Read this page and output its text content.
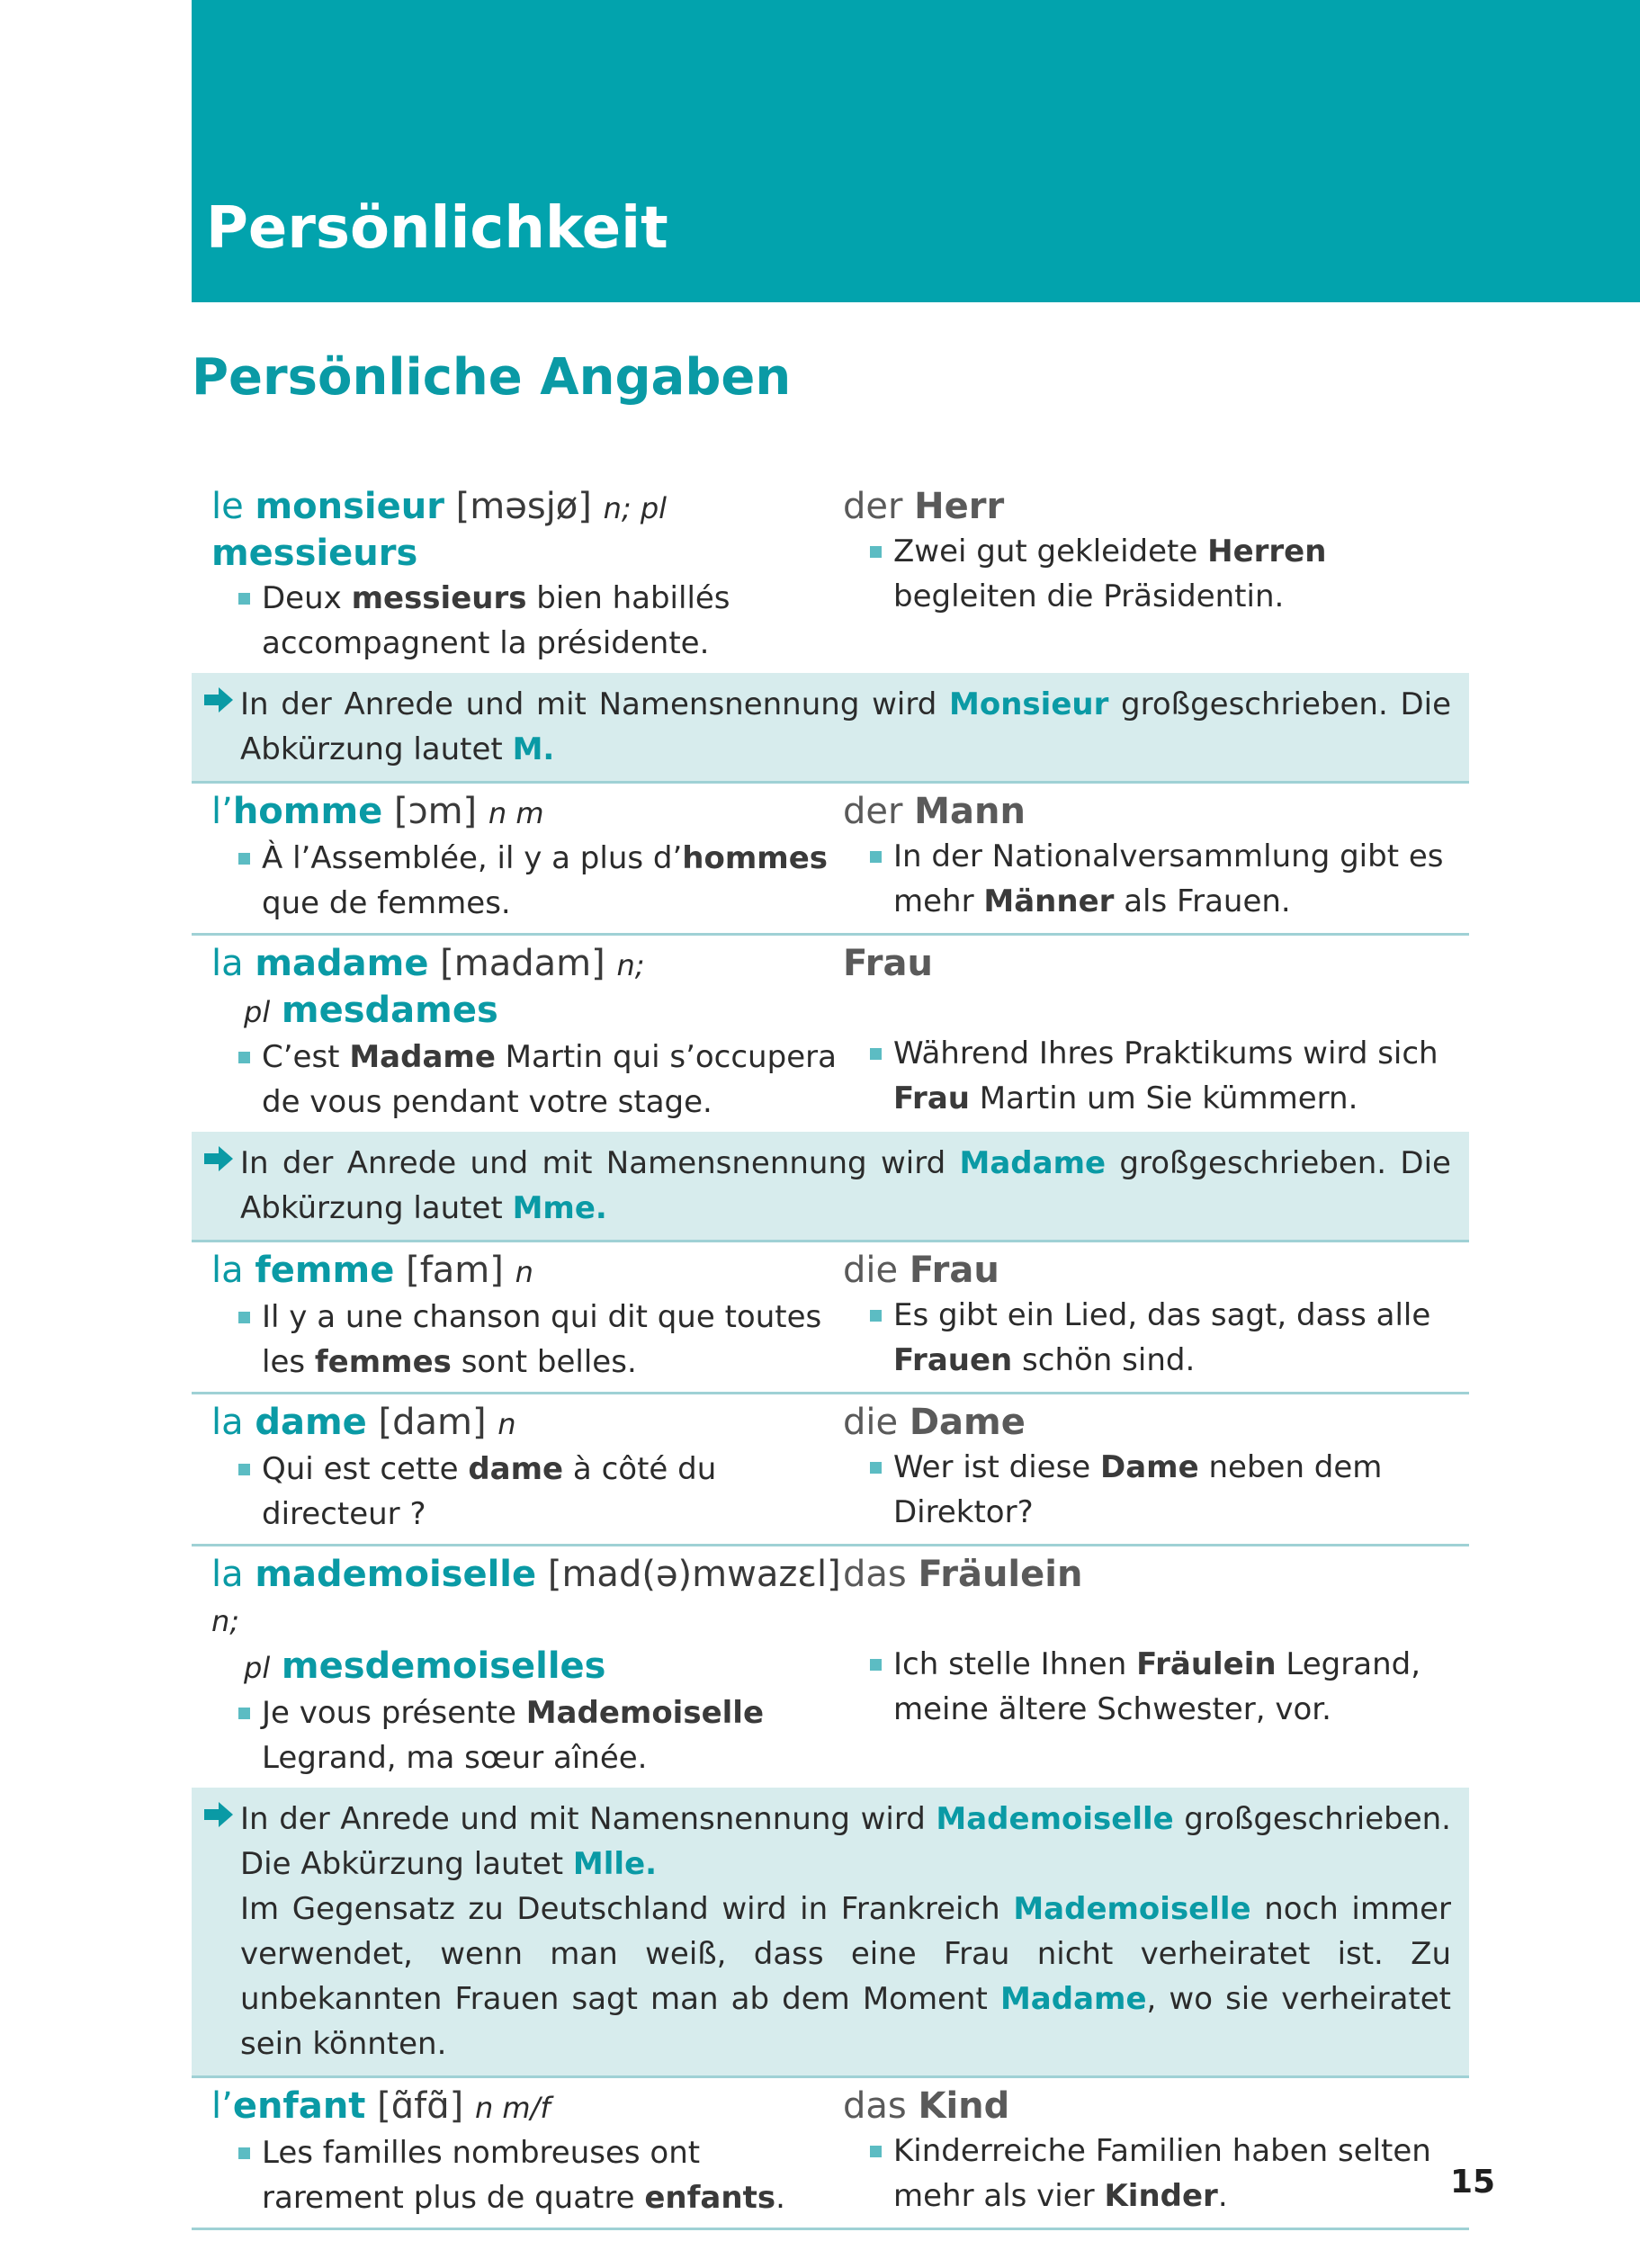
Persönlichkeit
Persönliche Angaben
le monsieur [məsjø] n; pl messieurs
Deux messieurs bien habillés accompagnent la présidente.
der Herr
Zwei gut gekleidete Herren begleiten die Präsidentin.

In der Anrede und mit Namensnennung wird Monsieur großgeschrieben. Die Abkürzung lautet M.

l’homme [ɔm] n m
À l’Assemblée, il y a plus d’hommes que de femmes.
der Mann
In der Nationalversammlung gibt es mehr Männer als Frauen.
la madame [madam] n;
pl mesdames
C’est Madame Martin qui s’occupera de vous pendant votre stage.
Frau

Während Ihres Praktikums wird sich Frau Martin um Sie kümmern.

In der Anrede und mit Namensnennung wird Madame großgeschrieben. Die Abkürzung lautet Mme.

la femme [fam] n
Il y a une chanson qui dit que toutes les femmes sont belles.
die Frau
Es gibt ein Lied, das sagt, dass alle Frauen schön sind.
la dame [dam] n
Qui est cette dame à côté du directeur ?
die Dame
Wer ist diese Dame neben dem Direktor?
la mademoiselle [mad(ə)mwazɛl] n;
pl mesdemoiselles
Je vous présente Mademoiselle Legrand, ma sœur aînée.
das Fräulein

Ich stelle Ihnen Fräulein Legrand, meine ältere Schwester, vor.

In der Anrede und mit Namensnennung wird Mademoiselle großgeschrieben. Die Abkürzung lautet Mlle.

Im Gegensatz zu Deutschland wird in Frankreich Mademoiselle noch immer verwendet, wenn man weiß, dass eine Frau nicht verheiratet ist. Zu unbekannten Frauen sagt man ab dem Moment Madame, wo sie verheiratet sein könnten.

l’enfant [ɑ̃fɑ̃] n m/f
Les familles nombreuses ont rarement plus de quatre enfants.
das Kind
Kinderreiche Familien haben selten mehr als vier Kinder.	15
